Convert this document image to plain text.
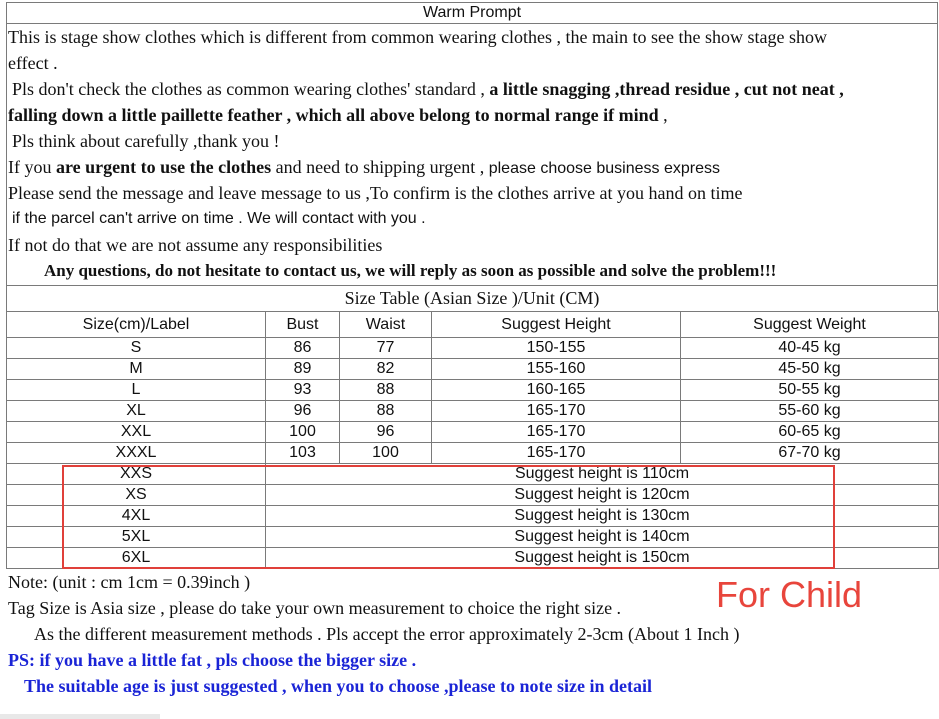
Warm Prompt
This is stage show clothes which is different from common wearing clothes , the main to see the show stage show
effect .
Pls don't check the clothes as common wearing clothes' standard , a little snagging ,thread residue , cut not neat ,
falling down a little paillette feather , which all above belong to normal range if mind ,
Pls think about carefully ,thank you !
If you are urgent to use the clothes and need to shipping urgent , please choose business express
Please send the message and leave message to us ,To confirm is the clothes arrive at you hand on time
if the parcel can't arrive on time . We will contact with you .
If not do that we are not assume any responsibilities
Any questions, do not hesitate to contact us, we will reply as soon as possible and solve the problem!!!
Size Table (Asian Size )/Unit (CM)
Size(cm)/Label	Bust	Waist	Suggest Height	Suggest Weight
S	86	77	150-155	40-45 kg
M	89	82	155-160	45-50 kg
L	93	88	160-165	50-55 kg
XL	96	88	165-170	55-60 kg
XXL	100	96	165-170	60-65 kg
XXXL	103	100	165-170	67-70 kg
XXS	Suggest height is 110cm			
XS	Suggest height is 120cm			
4XL	Suggest height is 130cm			
5XL	Suggest height is 140cm			
6XL	Suggest height is 150cm			
For Child
Note: (unit : cm 1cm = 0.39inch )
Tag Size is Asia size , please do take your own measurement to choice the right size .
As the different measurement methods . Pls accept the error approximately 2-3cm (About 1 Inch )
PS: if you have a little fat , pls choose the bigger size .
The suitable age is just suggested , when you to choose ,please to note size in detail
